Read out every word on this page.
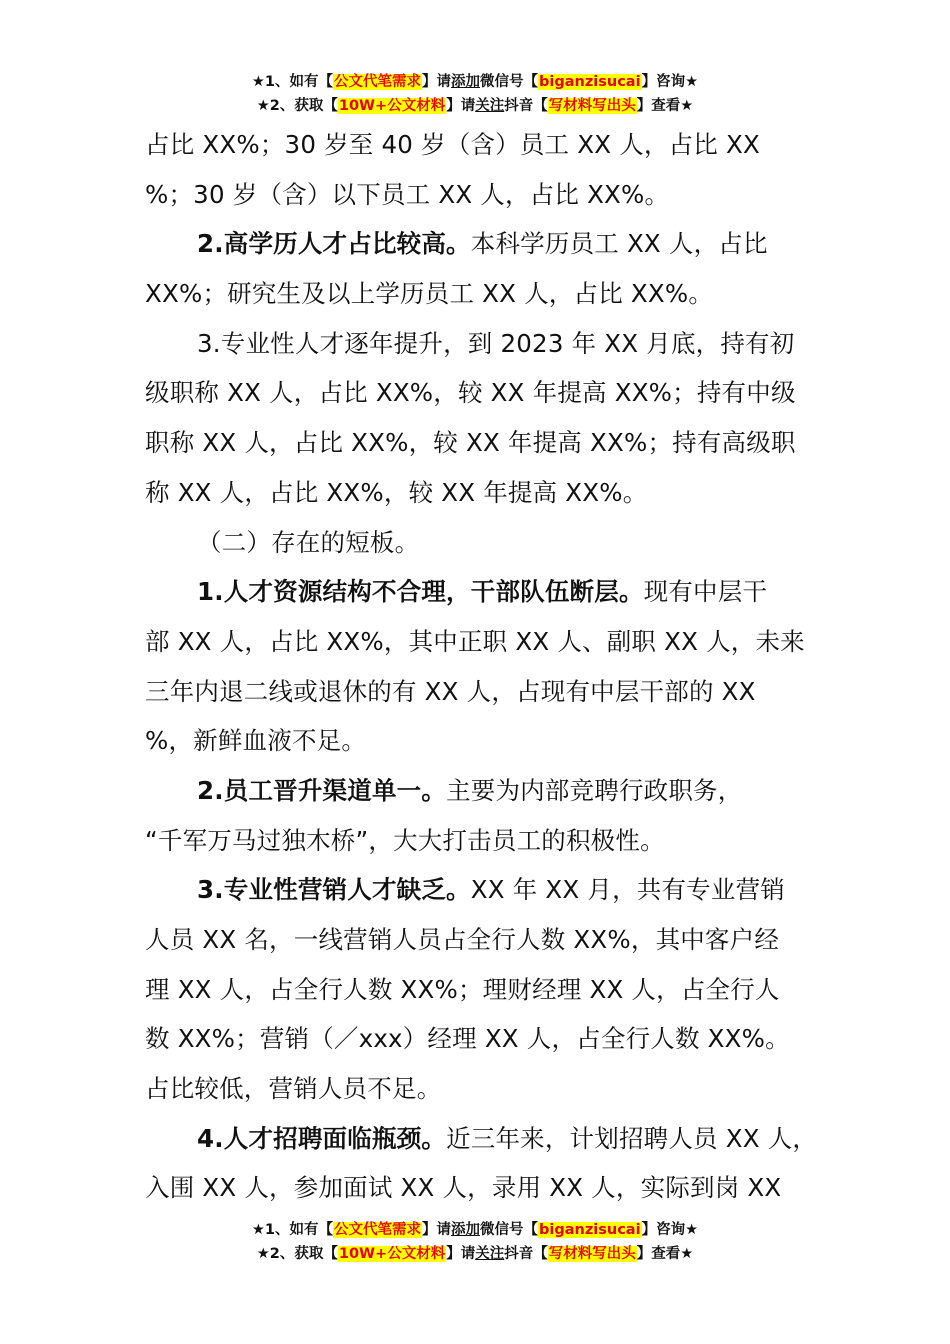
★1、如有【公文代笔需求】请添加微信号【biganzisucai】咨询★
★2、获取【10W+公文材料】请关注抖音【写材料写出头】查看★
占比 XX%；30 岁至 40 岁（含）员工 XX 人，占比 XX
%；30 岁（含）以下员工 XX 人，占比 XX%。
2.高学历人才占比较高。本科学历员工 XX 人，占比
XX%；研究生及以上学历员工 XX 人，占比 XX%。
3.专业性人才逐年提升，到 2023 年 XX 月底，持有初
级职称 XX 人，占比 XX%，较 XX 年提高 XX%；持有中级
职称 XX 人，占比 XX%，较 XX 年提高 XX%；持有高级职
称 XX 人，占比 XX%，较 XX 年提高 XX%。
（二）存在的短板。
1.人才资源结构不合理，干部队伍断层。现有中层干
部 XX 人，占比 XX%，其中正职 XX 人、副职 XX 人，未来
三年内退二线或退休的有 XX 人，占现有中层干部的 XX
%，新鲜血液不足。
2.员工晋升渠道单一。主要为内部竞聘行政职务，
“千军万马过独木桥”，大大打击员工的积极性。
3.专业性营销人才缺乏。XX 年 XX 月，共有专业营销
人员 XX 名，一线营销人员占全行人数 XX%，其中客户经
理 XX 人，占全行人数 XX%；理财经理 XX 人，占全行人
数 XX%；营销（／xxx）经理 XX 人，占全行人数 XX%。
占比较低，营销人员不足。
4.人才招聘面临瓶颈。近三年来，计划招聘人员 XX 人，
入围 XX 人，参加面试 XX 人，录用 XX 人，实际到岗 XX
★1、如有【公文代笔需求】请添加微信号【biganzisucai】咨询★
★2、获取【10W+公文材料】请关注抖音【写材料写出头】查看★
